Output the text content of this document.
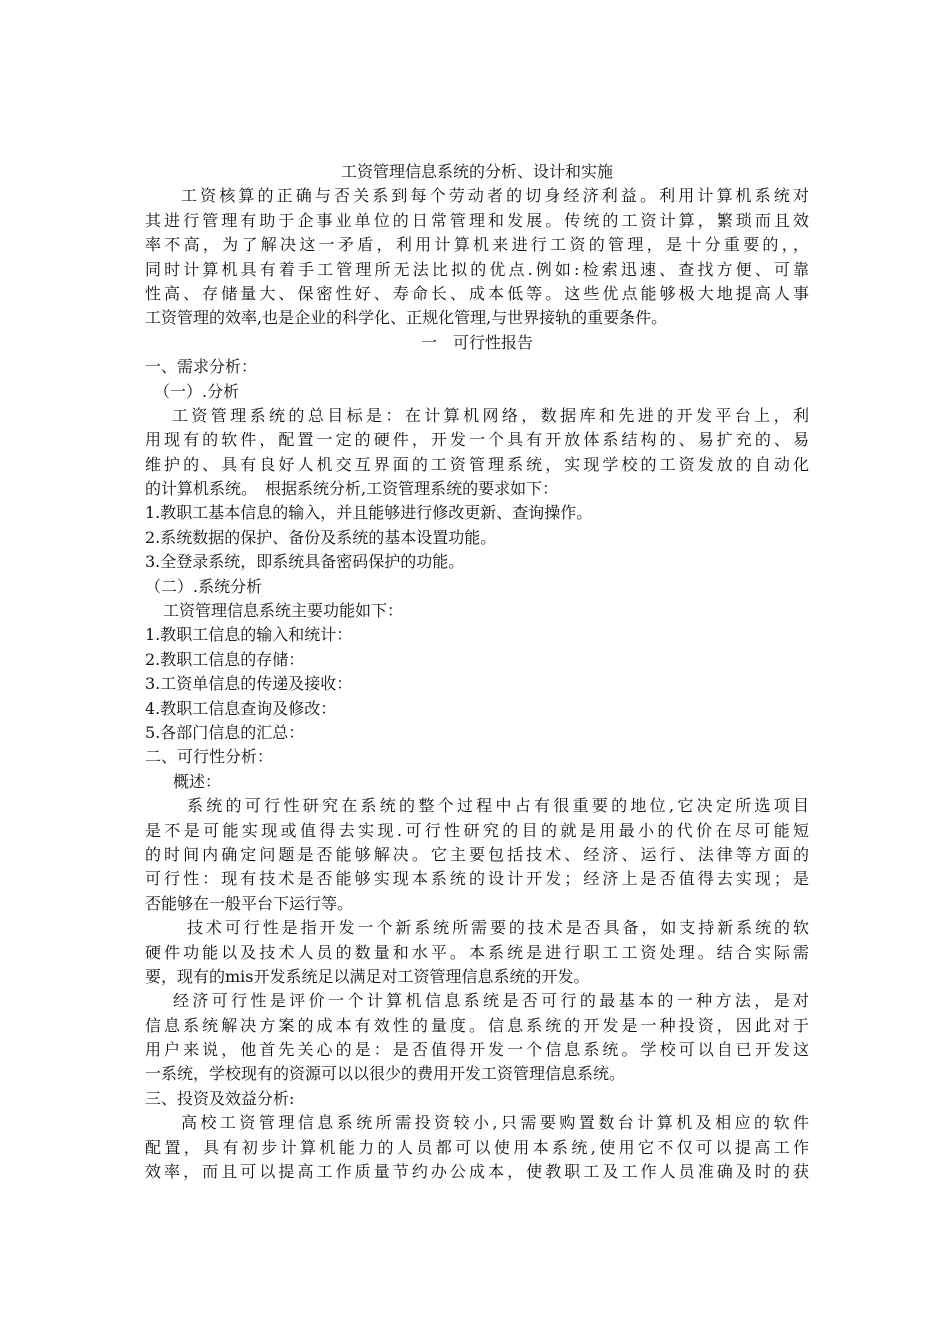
工资管理信息系统的分析、设计和实施
工资核算的正确与否关系到每个劳动者的切身经济利益。利用计算机系统对
其进行管理有助于企事业单位的日常管理和发展。传统的工资计算，繁琐而且效
率不高，为了解决这一矛盾，利用计算机来进行工资的管理，是十分重要的，，
同时计算机具有着手工管理所无法比拟的优点.例如:检索迅速、查找方便、可靠
性高、存储量大、保密性好、寿命长、成本低等。这些优点能够极大地提高人事
工资管理的效率,也是企业的科学化、正规化管理,与世界接轨的重要条件。
一　可行性报告
一、需求分析：
（一）.分析
工资管理系统的总目标是：在计算机网络，数据库和先进的开发平台上，利
用现有的软件，配置一定的硬件，开发一个具有开放体系结构的、易扩充的、易
维护的、具有良好人机交互界面的工资管理系统，实现学校的工资发放的自动化
的计算机系统。　根据系统分析,工资管理系统的要求如下：
1.教职工基本信息的输入，并且能够进行修改更新、查询操作。
2.系统数据的保护、备份及系统的基本设置功能。
3.全登录系统，即系统具备密码保护的功能。
（二）.系统分析
工资管理信息系统主要功能如下：
1.教职工信息的输入和统计：
2.教职工信息的存储：
3.工资单信息的传递及接收：
4.教职工信息查询及修改：
5.各部门信息的汇总：
二、可行性分析：
概述：
系统的可行性研究在系统的整个过程中占有很重要的地位,它决定所选项目
是不是可能实现或值得去实现.可行性研究的目的就是用最小的代价在尽可能短
的时间内确定问题是否能够解决。它主要包括技术、经济、运行、法律等方面的
可行性：现有技术是否能够实现本系统的设计开发；经济上是否值得去实现；是
否能够在一般平台下运行等。
技术可行性是指开发一个新系统所需要的技术是否具备，如支持新系统的软
硬件功能以及技术人员的数量和水平。本系统是进行职工工资处理。结合实际需
要，现有的mis开发系统足以满足对工资管理信息系统的开发。
经济可行性是评价一个计算机信息系统是否可行的最基本的一种方法，是对
信息系统解决方案的成本有效性的量度。信息系统的开发是一种投资，因此对于
用户来说，他首先关心的是：是否值得开发一个信息系统。学校可以自已开发这
一系统，学校现有的资源可以以很少的费用开发工资管理信息系统。
三、投资及效益分析:
高校工资管理信息系统所需投资较小,只需要购置数台计算机及相应的软件
配置，具有初步计算机能力的人员都可以使用本系统,使用它不仅可以提高工作
效率，而且可以提高工作质量节约办公成本，使教职工及工作人员准确及时的获
